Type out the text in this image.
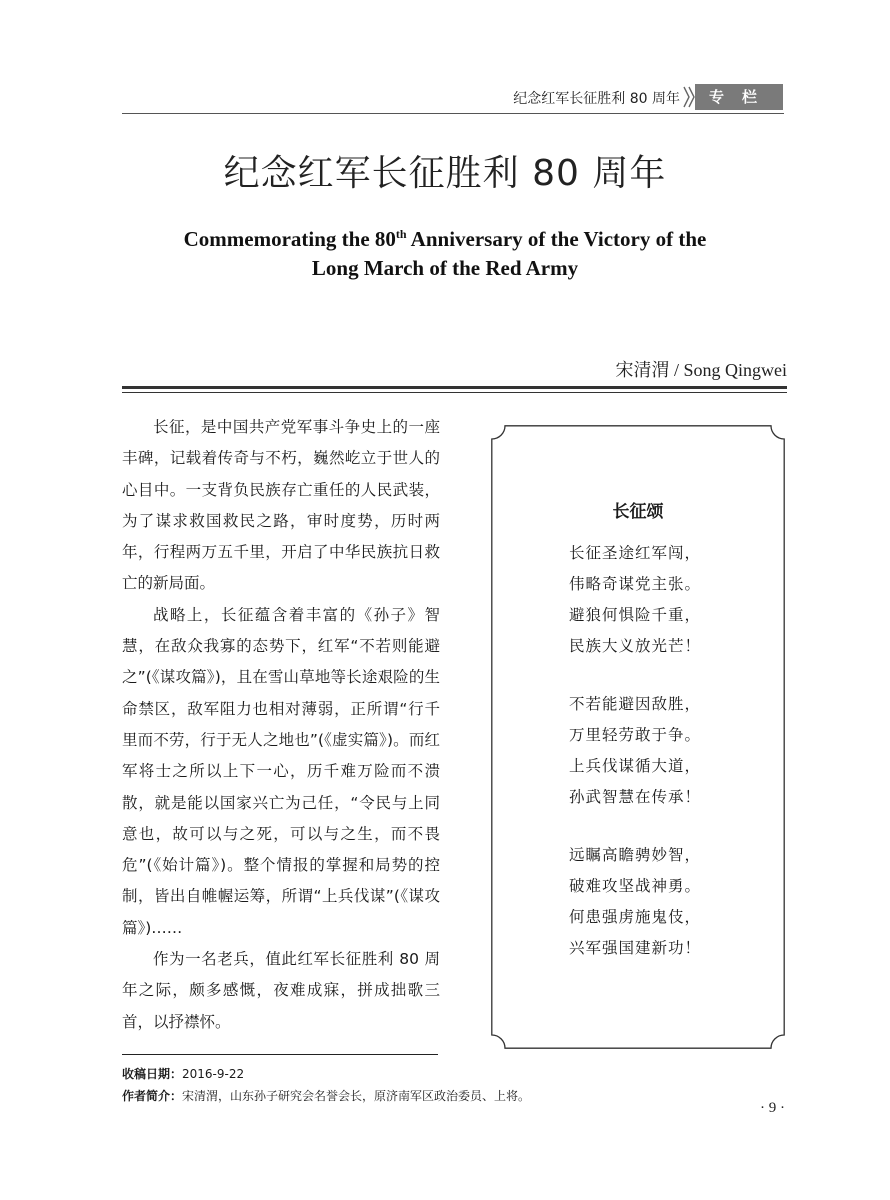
纪念红军长征胜利 80 周年	专栏
纪念红军长征胜利 80 周年
Commemorating the 80th Anniversary of the Victory of the
Long March of the Red Army
宋清渭 / Song Qingwei

长征，是中国共产党军事斗争史上的一座丰碑，记载着传奇与不朽，巍然屹立于世人的心目中。一支背负民族存亡重任的人民武装，为了谋求救国救民之路，审时度势，历时两年，行程两万五千里，开启了中华民族抗日救亡的新局面。

战略上，长征蕴含着丰富的《孙子》智慧，在敌众我寡的态势下，红军“不若则能避之”(《谋攻篇》)，且在雪山草地等长途艰险的生命禁区，敌军阻力也相对薄弱，正所谓“行千里而不劳，行于无人之地也”(《虚实篇》)。而红军将士之所以上下一心，历千难万险而不溃散，就是能以国家兴亡为己任，“令民与上同意也，故可以与之死，可以与之生，而不畏危”(《始计篇》)。整个情报的掌握和局势的控制，皆出自帷幄运筹，所谓“上兵伐谋”(《谋攻篇》)……

作为一名老兵，值此红军长征胜利 80 周年之际，颇多感慨，夜难成寐，拼成拙歌三首，以抒襟怀。

长征颂
长征圣途红军闯，
伟略奇谋党主张。
避狼何惧险千重，
民族大义放光芒！
不若能避因敌胜，
万里轻劳敢于争。
上兵伐谋循大道，
孙武智慧在传承！
远瞩高瞻骋妙智，
破难攻坚战神勇。
何患强虏施鬼伎，
兴军强国建新功！
收稿日期：2016-9-22
作者简介：宋清渭，山东孙子研究会名誉会长，原济南军区政治委员、上将。
· 9 ·
